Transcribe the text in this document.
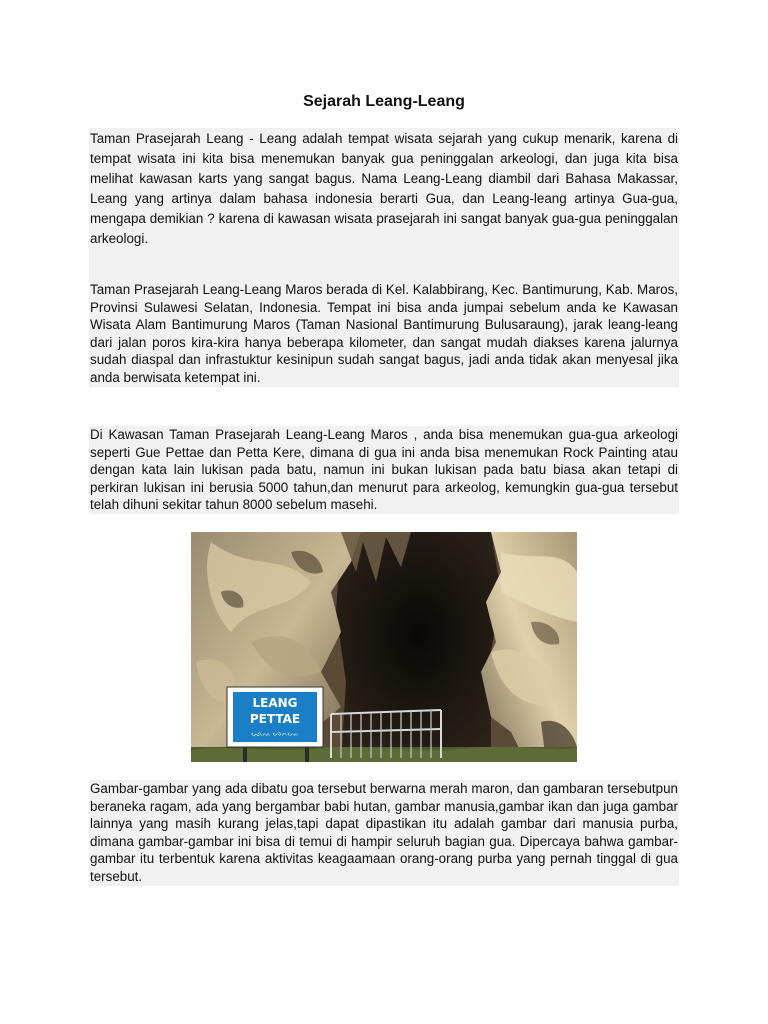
Sejarah Leang-Leang

Taman Prasejarah Leang - Leang adalah tempat wisata sejarah yang cukup menarik, karena di tempat wisata ini kita bisa menemukan banyak gua peninggalan arkeologi, dan juga kita bisa melihat kawasan karts yang sangat bagus. Nama Leang-Leang diambil dari Bahasa Makassar, Leang yang artinya dalam bahasa indonesia berarti Gua, dan Leang-leang artinya Gua-gua, mengapa demikian ? karena di kawasan wisata prasejarah ini sangat banyak gua-gua peninggalan arkeologi.

Taman Prasejarah Leang-Leang Maros berada di Kel. Kalabbirang, Kec. Bantimurung, Kab. Maros, Provinsi Sulawesi Selatan, Indonesia. Tempat ini bisa anda jumpai sebelum anda ke Kawasan Wisata Alam Bantimurung Maros (Taman Nasional Bantimurung Bulusaraung), jarak leang-leang dari jalan poros kira-kira hanya beberapa kilometer, dan sangat mudah diakses karena jalurnya sudah diaspal dan infrastuktur kesinipun sudah sangat bagus, jadi anda tidak akan menyesal jika anda berwisata ketempat ini.

Di Kawasan Taman Prasejarah Leang-Leang Maros , anda bisa menemukan gua-gua arkeologi seperti Gue Pettae dan Petta Kere, dimana di gua ini anda bisa menemukan Rock Painting atau dengan kata lain lukisan pada batu, namun ini bukan lukisan pada batu biasa akan tetapi di perkiran lukisan ini berusia 5000 tahun,dan menurut para arkeolog, kemungkin gua-gua tersebut telah dihuni sekitar tahun 8000 sebelum masehi.

LEANG
PETTAE
ᨒᨙᨕ ᨄᨙᨈᨕᨙ

Gambar-gambar yang ada dibatu goa tersebut berwarna merah maron, dan gambaran tersebutpun beraneka ragam, ada yang bergambar babi hutan, gambar manusia,gambar ikan dan juga gambar lainnya yang masih kurang jelas,tapi dapat dipastikan itu adalah gambar dari manusia purba, dimana gambar-gambar ini bisa di temui di hampir seluruh bagian gua. Dipercaya bahwa gambar-gambar itu terbentuk karena aktivitas keagaamaan orang-orang purba yang pernah tinggal di gua tersebut.
